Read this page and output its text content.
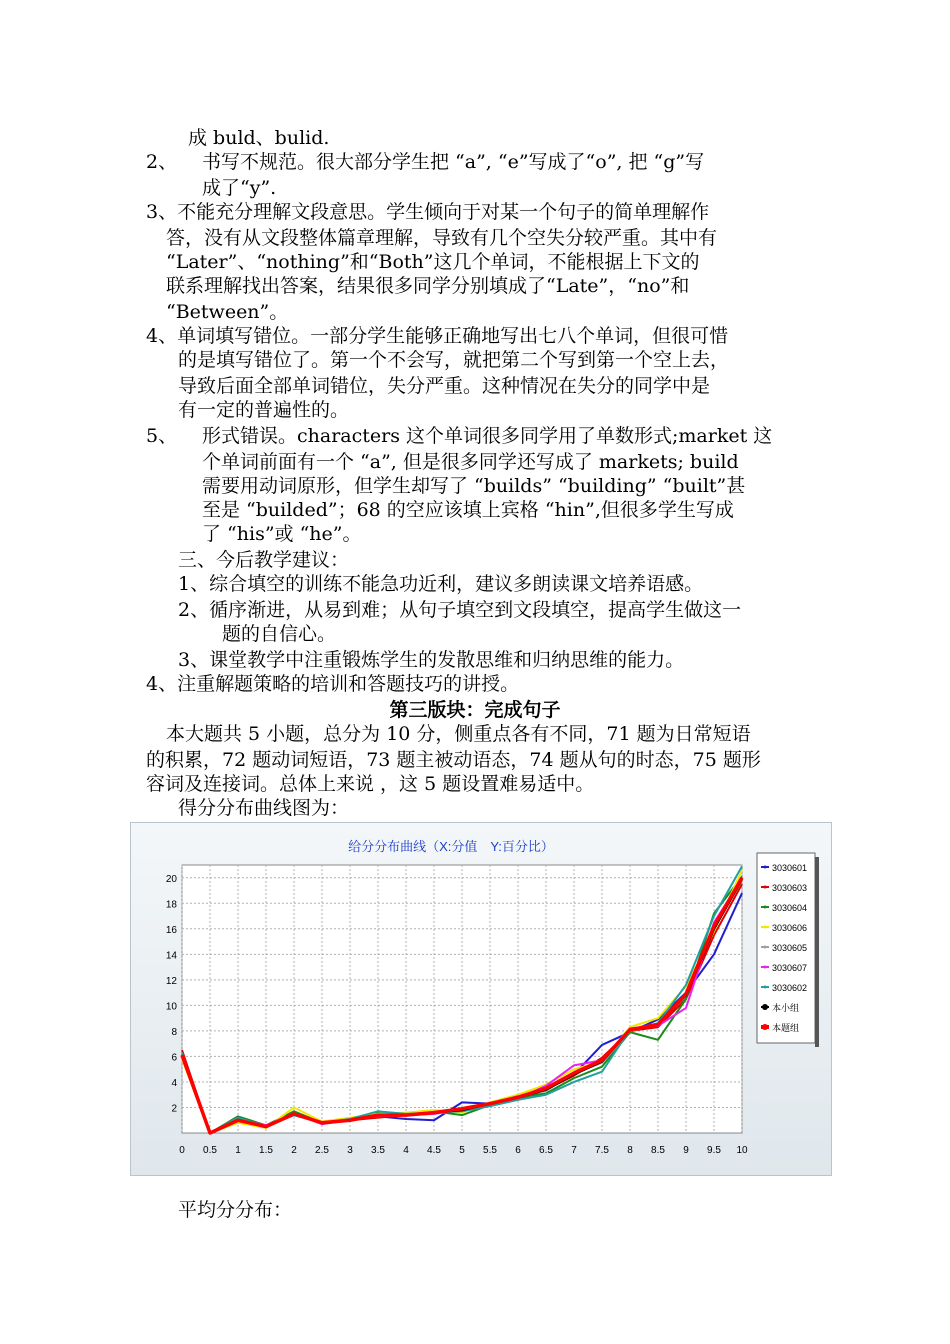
成 buld、bulid.
2、 书写不规范。很大部分学生把 “a”, “e”写成了“o”, 把 “g”写
成了“y”.
3、不能充分理解文段意思。学生倾向于对某一个句子的简单理解作
答，没有从文段整体篇章理解，导致有几个空失分较严重。其中有
“Later”、“nothing”和“Both”这几个单词，不能根据上下文的
联系理解找出答案，结果很多同学分别填成了“Late”，“no”和
“Between”。
4、单词填写错位。一部分学生能够正确地写出七八个单词，但很可惜
的是填写错位了。第一个不会写，就把第二个写到第一个空上去，
导致后面全部单词错位，失分严重。这种情况在失分的同学中是
有一定的普遍性的。
5、 形式错误。characters 这个单词很多同学用了单数形式;market 这
个单词前面有一个 “a”, 但是很多同学还写成了 markets; build
需要用动词原形，但学生却写了 “builds” “building” “built”甚
至是 “builded”；68 的空应该填上宾格 “hin”,但很多学生写成
了 “his”或 “he”。
三、今后教学建议：
1、综合填空的训练不能急功近利，建议多朗读课文培养语感。
2、循序渐进，从易到难；从句子填空到文段填空，提高学生做这一
题的自信心。
3、课堂教学中注重锻炼学生的发散思维和归纳思维的能力。
4、注重解题策略的培训和答题技巧的讲授。
第三版块：完成句子
本大题共 5 小题，总分为 10 分，侧重点各有不同，71 题为日常短语
的积累，72 题动词短语，73 题主被动语态，74 题从句的时态，75 题形
容词及连接词。总体上来说 ，这 5 题设置难易适中。
得分分布曲线图为：
给分分布曲线（X:分值　Y:百分比）
2
4
6
8
10
12
14
16
18
20
0 0.5 1 1.5 2 2.5 3 3.5 4 4.5 5 5.5 6 6.5 7 7.5 8 8.5 9 9.5 10
3030601
3030603
3030604
3030606
3030605
3030607
3030602
本小组
本题组
平均分分布：
